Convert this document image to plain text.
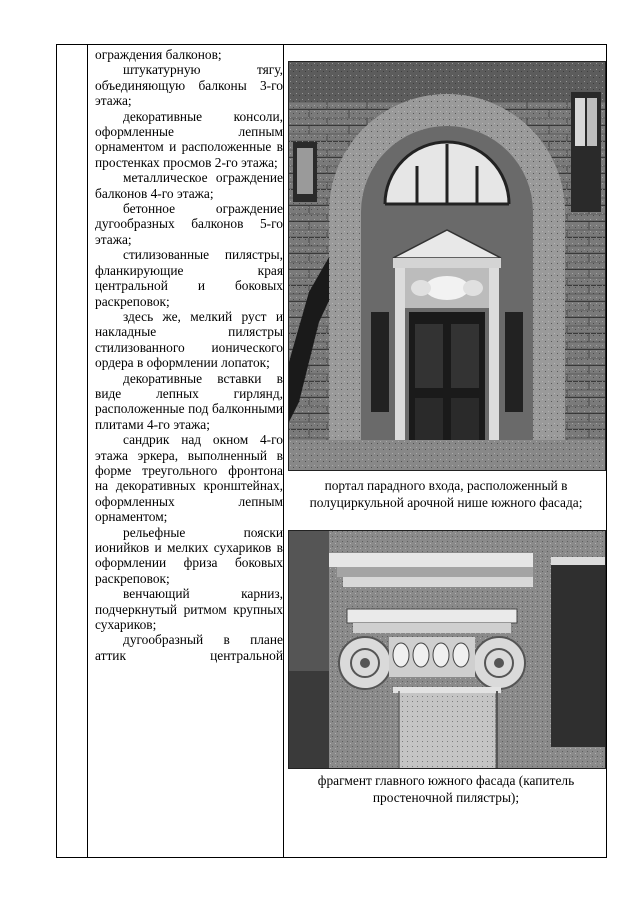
ограждения балконов;

штукатурную тягу, объединяющую балконы 3-го этажа;

декоративные консоли, оформленные лепным орнаментом и расположенные в простенках просмов 2-го этажа;

металлическое ограждение балконов 4-го этажа;

бетонное ограждение дугообразных балконов 5-го этажа;

стилизованные пилястры, фланкирующие края центральной и боковых раскреповок;

здесь же, мелкий руст и накладные пилястры стилизованного ионического ордера в оформлении лопаток;

декоративные вставки в виде лепных гирлянд, расположенные под балконными плитами 4-го этажа;

сандрик над окном 4-го этажа эркера, выполненный в форме треугольного фронтона на декоративных кронштейнах, оформленных лепным орнаментом;

рельефные пояски ионийков и мелких сухариков в оформлении фриза боковых раскреповок;

венчающий карниз, подчеркнутый ритмом крупных сухариков;

дугообразный в плане аттик центральной

портал парадного входа, расположенный в полуциркульной арочной нише южного фасада;
фрагмент главного южного фасада (капитель простеночной пилястры);
